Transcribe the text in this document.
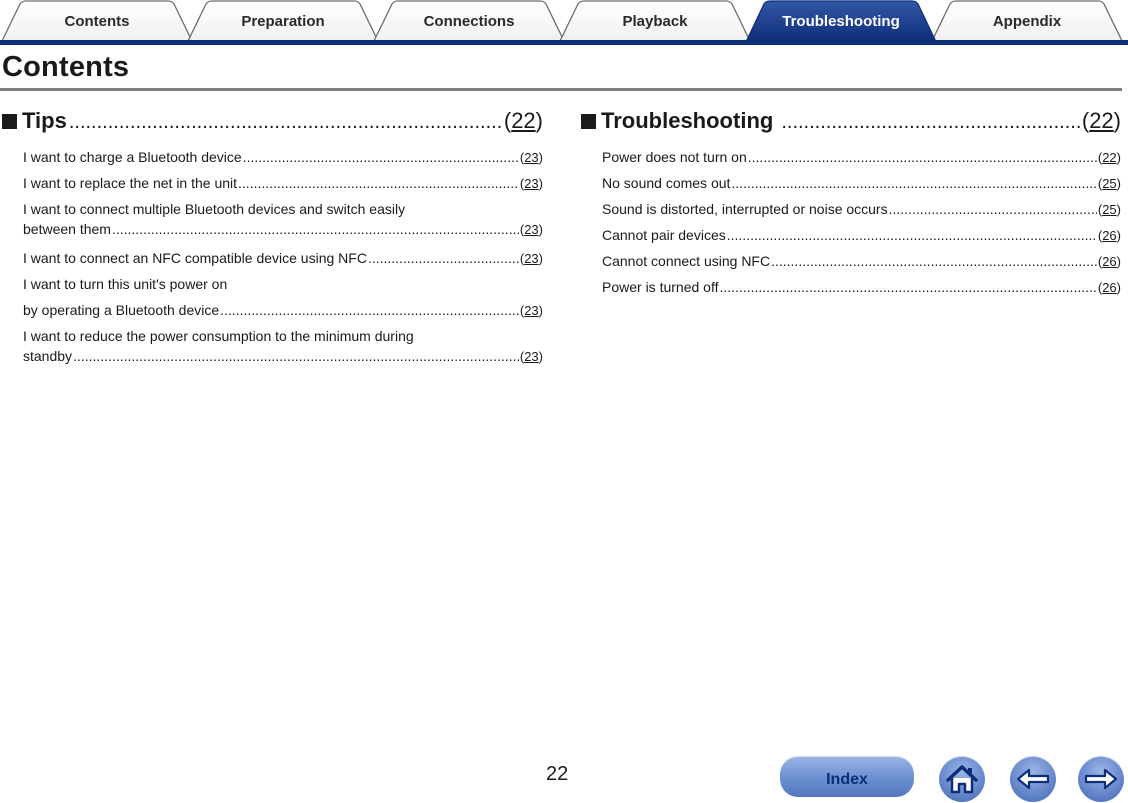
Contents	Preparation	Connections	Playback	Troubleshooting	Appendix
Contents
Tips .....	(22)
I want to charge a Bluetooth device .....	(23)
I want to replace the net in the unit .....	(23)
I want to connect multiple Bluetooth devices and switch easily
between them .....	(23)
I want to connect an NFC compatible device using NFC .....	(23)
I want to turn this unit's power on
by operating a Bluetooth device .....	(23)
I want to reduce the power consumption to the minimum during
standby .....	(23)
Troubleshooting .....	(22)
Power does not turn on .....	(22)
No sound comes out .....	(25)
Sound is distorted, interrupted or noise occurs .....	(25)
Cannot pair devices .....	(26)
Cannot connect using NFC .....	(26)
Power is turned off .....	(26)
22	Index
